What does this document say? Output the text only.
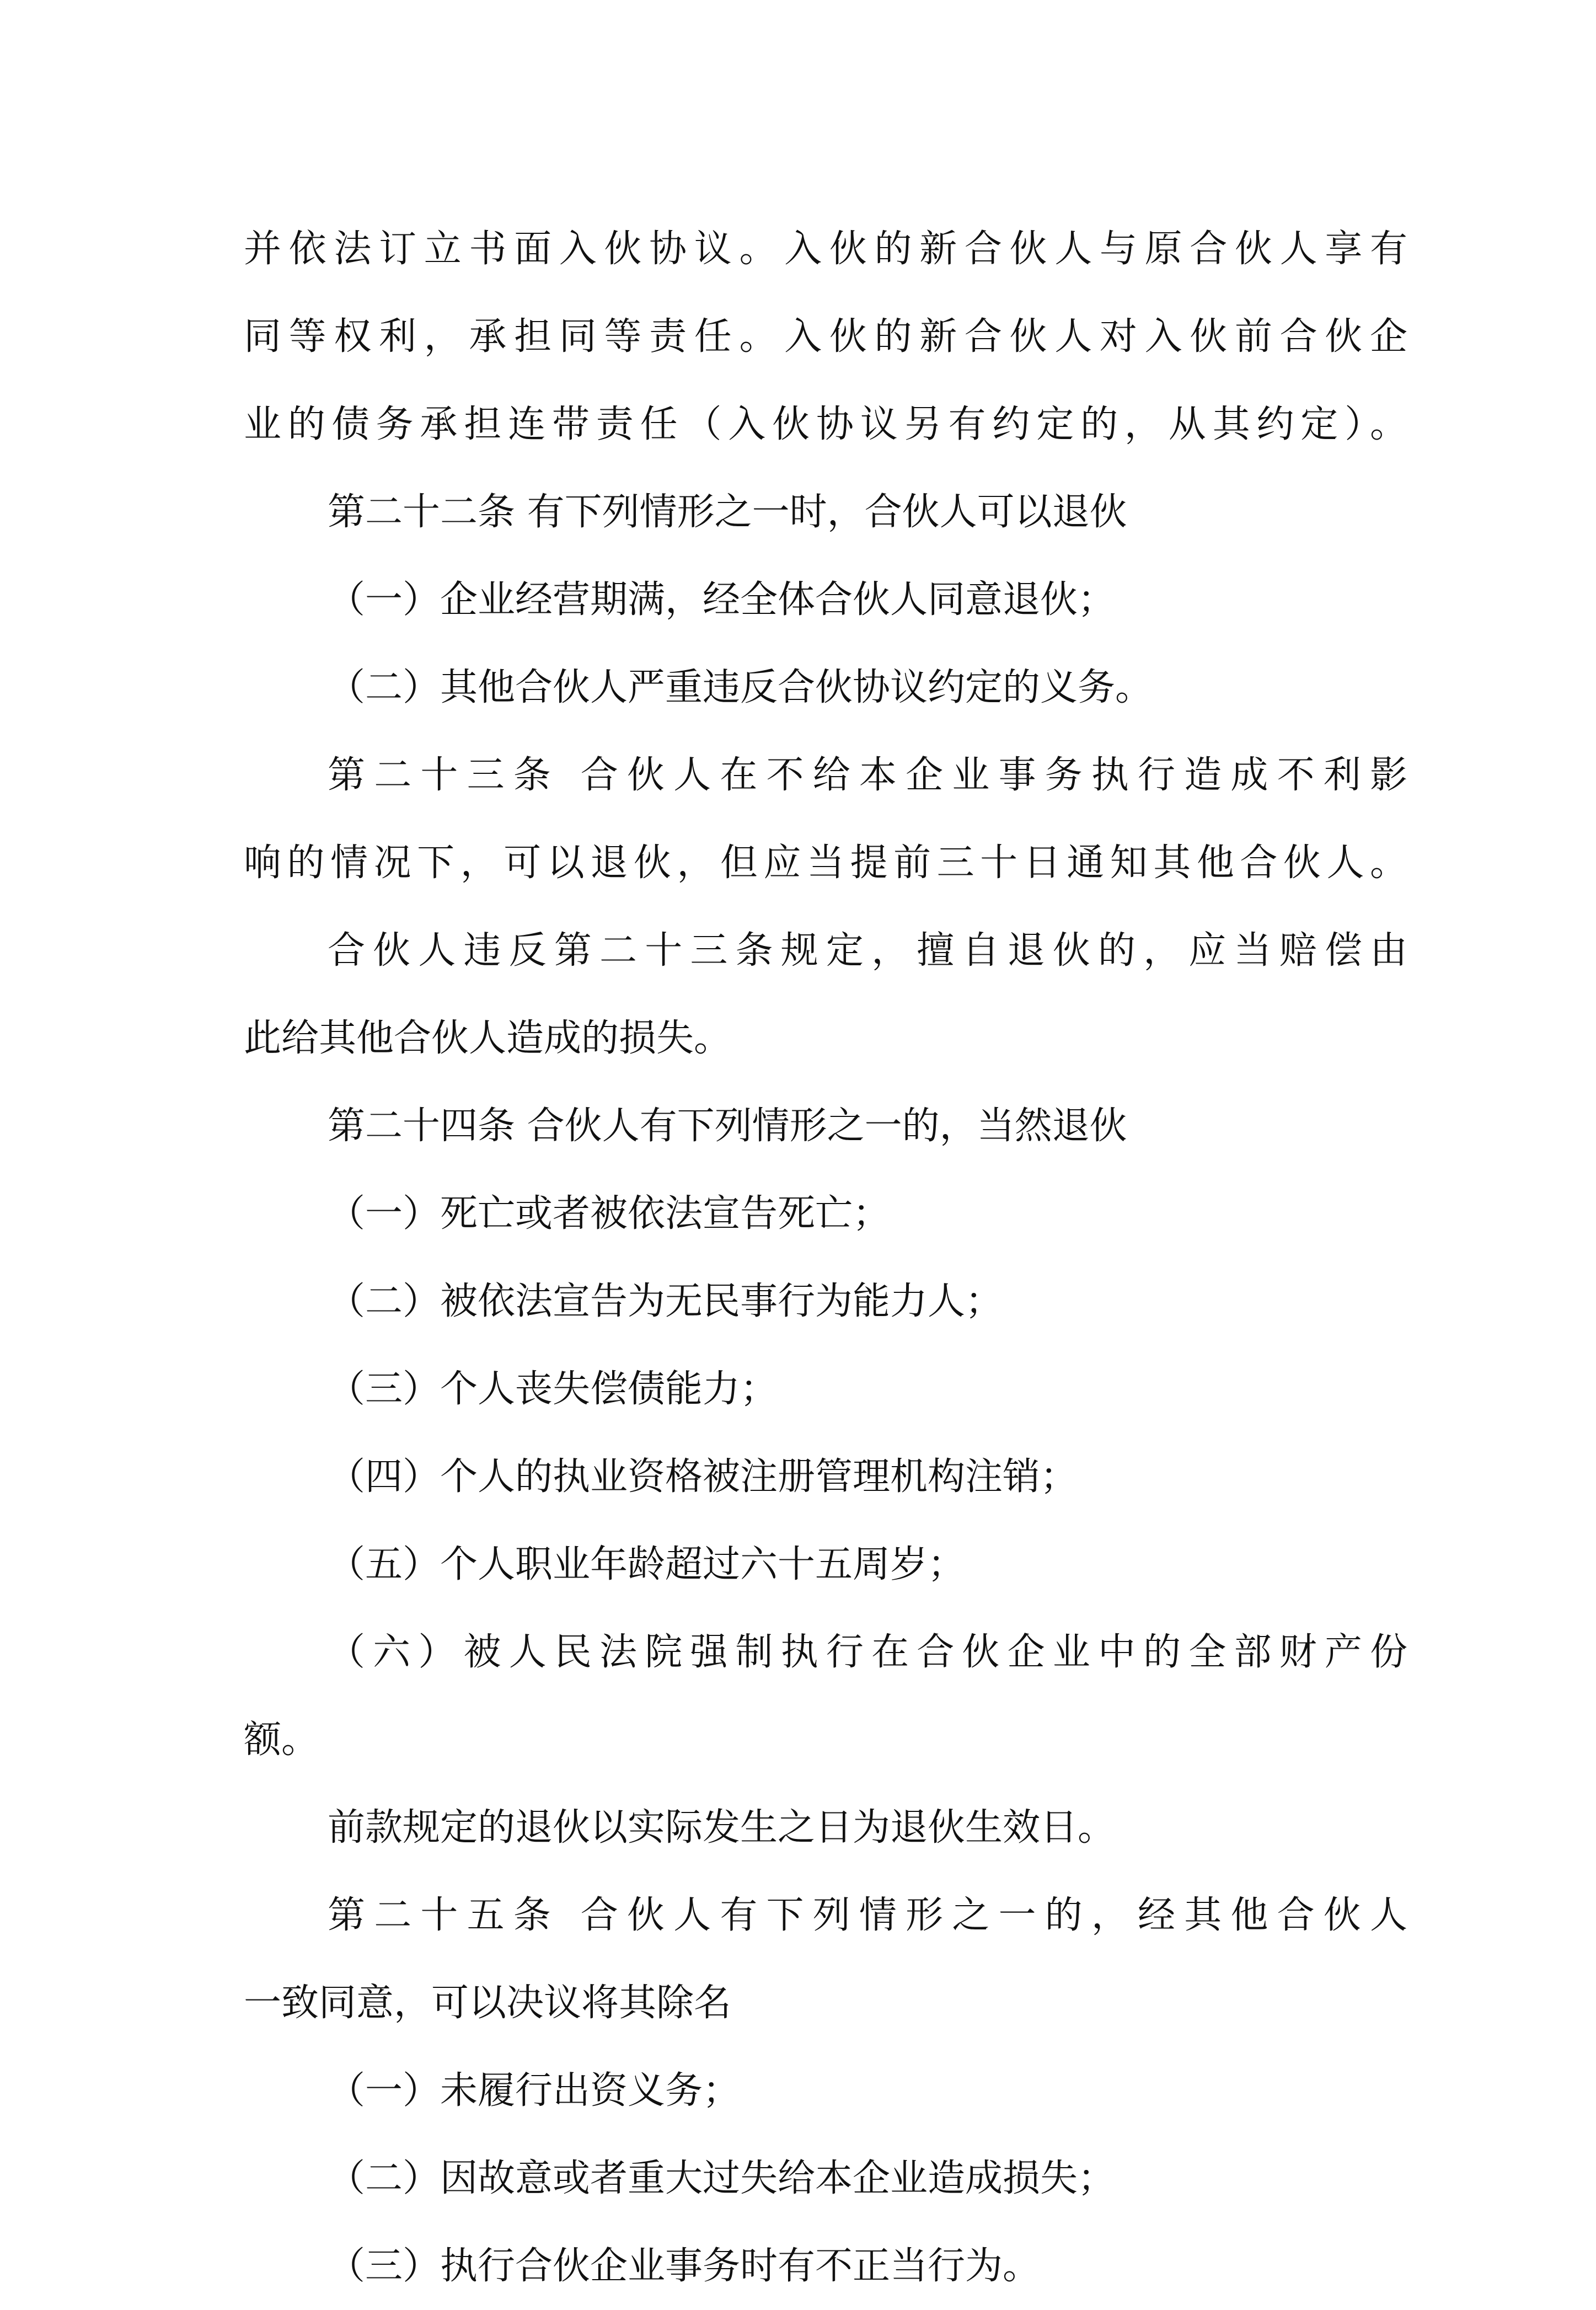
并依法订立书面入伙协议。入伙的新合伙人与原合伙人享有
同等权利，承担同等责任。入伙的新合伙人对入伙前合伙企
业的债务承担连带责任（入伙协议另有约定的，从其约定）。
第二十二条 有下列情形之一时，合伙人可以退伙
（一）企业经营期满，经全体合伙人同意退伙；
（二）其他合伙人严重违反合伙协议约定的义务。
第二十三条 合伙人在不给本企业事务执行造成不利影
响的情况下，可以退伙，但应当提前三十日通知其他合伙人。
合伙人违反第二十三条规定，擅自退伙的，应当赔偿由
此给其他合伙人造成的损失。
第二十四条 合伙人有下列情形之一的，当然退伙
（一）死亡或者被依法宣告死亡；
（二）被依法宣告为无民事行为能力人；
（三）个人丧失偿债能力；
（四）个人的执业资格被注册管理机构注销；
（五）个人职业年龄超过六十五周岁；
（六）被人民法院强制执行在合伙企业中的全部财产份
额。
前款规定的退伙以实际发生之日为退伙生效日。
第二十五条 合伙人有下列情形之一的，经其他合伙人
一致同意，可以决议将其除名
（一）未履行出资义务；
（二）因故意或者重大过失给本企业造成损失；
（三）执行合伙企业事务时有不正当行为。
